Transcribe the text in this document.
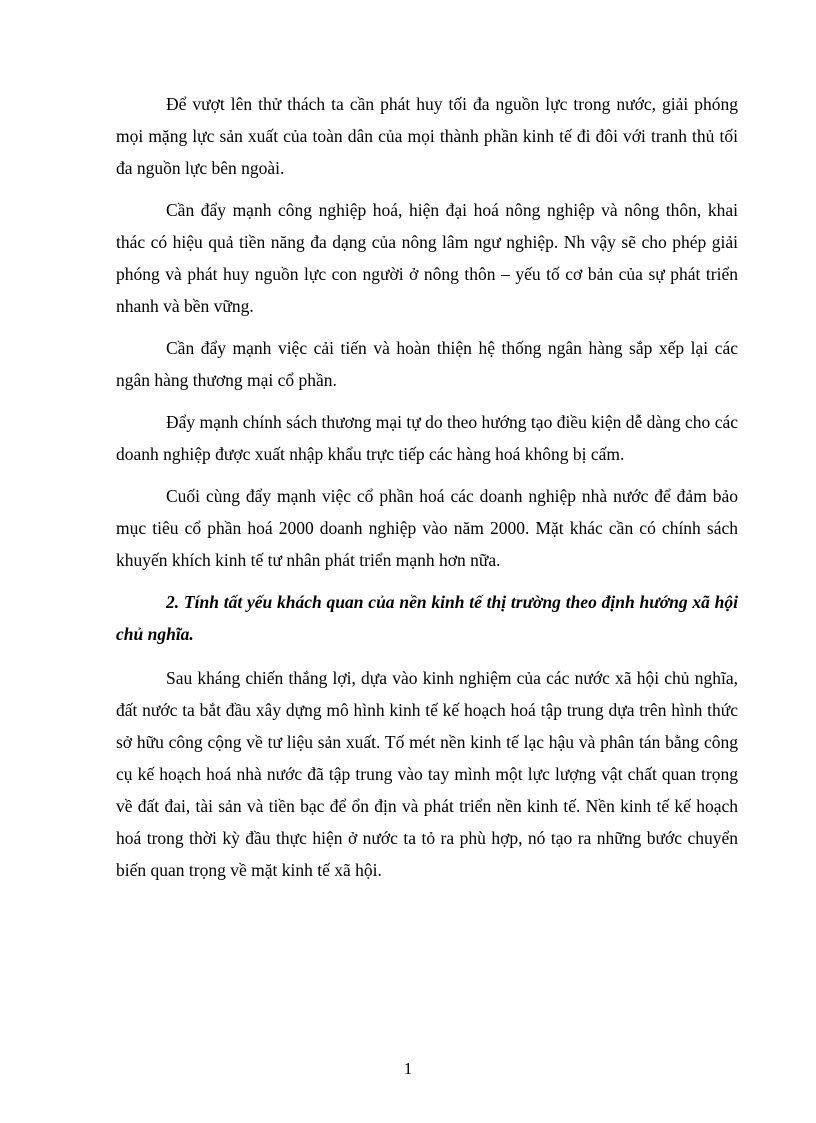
Để vượt lên thử thách ta cần phát huy tối đa nguồn lực trong nước, giải phóng mọi mặng lực sản xuất của toàn dân của mọi thành phần kinh tế đi đôi với tranh thủ tối đa nguồn lực bên ngoài.

Cần đẩy mạnh công nghiệp hoá, hiện đại hoá nông nghiệp và nông thôn, khai thác có hiệu quả tiền năng đa dạng của nông lâm ngư nghiệp. Nh vậy sẽ cho phép giải phóng và phát huy nguồn lực con người ở nông thôn – yếu tố cơ bản của sự phát triển nhanh và bền vững.

Cần đẩy mạnh việc cải tiến và hoàn thiện hệ thống ngân hàng sắp xếp lại các ngân hàng thương mại cổ phần.

Đẩy mạnh chính sách thương mại tự do theo hướng tạo điều kiện dễ dàng cho các doanh nghiệp được xuất nhập khẩu trực tiếp các hàng hoá không bị cấm.

Cuối cùng đẩy mạnh việc cổ phần hoá các doanh nghiệp nhà nước để đảm bảo mục tiêu cổ phần hoá 2000 doanh nghiệp vào năm 2000. Mặt khác cần có chính sách khuyến khích kinh tế tư nhân phát triển mạnh hơn nữa.

2. Tính tất yếu khách quan của nền kinh tế thị trường theo định hướng xã hội chủ nghĩa.

Sau kháng chiến thắng lợi, dựa vào kinh nghiệm của các nước xã hội chủ nghĩa, đất nước ta bắt đầu xây dựng mô hình kinh tế kế hoạch hoá tập trung dựa trên hình thức sở hữu công cộng về tư liệu sản xuất. Tố mét nền kinh tế lạc hậu và phân tán bằng công cụ kế hoạch hoá nhà nước đã tập trung vào tay mình một lực lượng vật chất quan trọng về đất đai, tài sản và tiền bạc để ổn địn và phát triển nền kinh tế. Nền kinh tế kế hoạch hoá trong thời kỳ đầu thực hiện ở nước ta tỏ ra phù hợp, nó tạo ra những bước chuyển biến quan trọng về mặt kinh tế xã hội.

1
